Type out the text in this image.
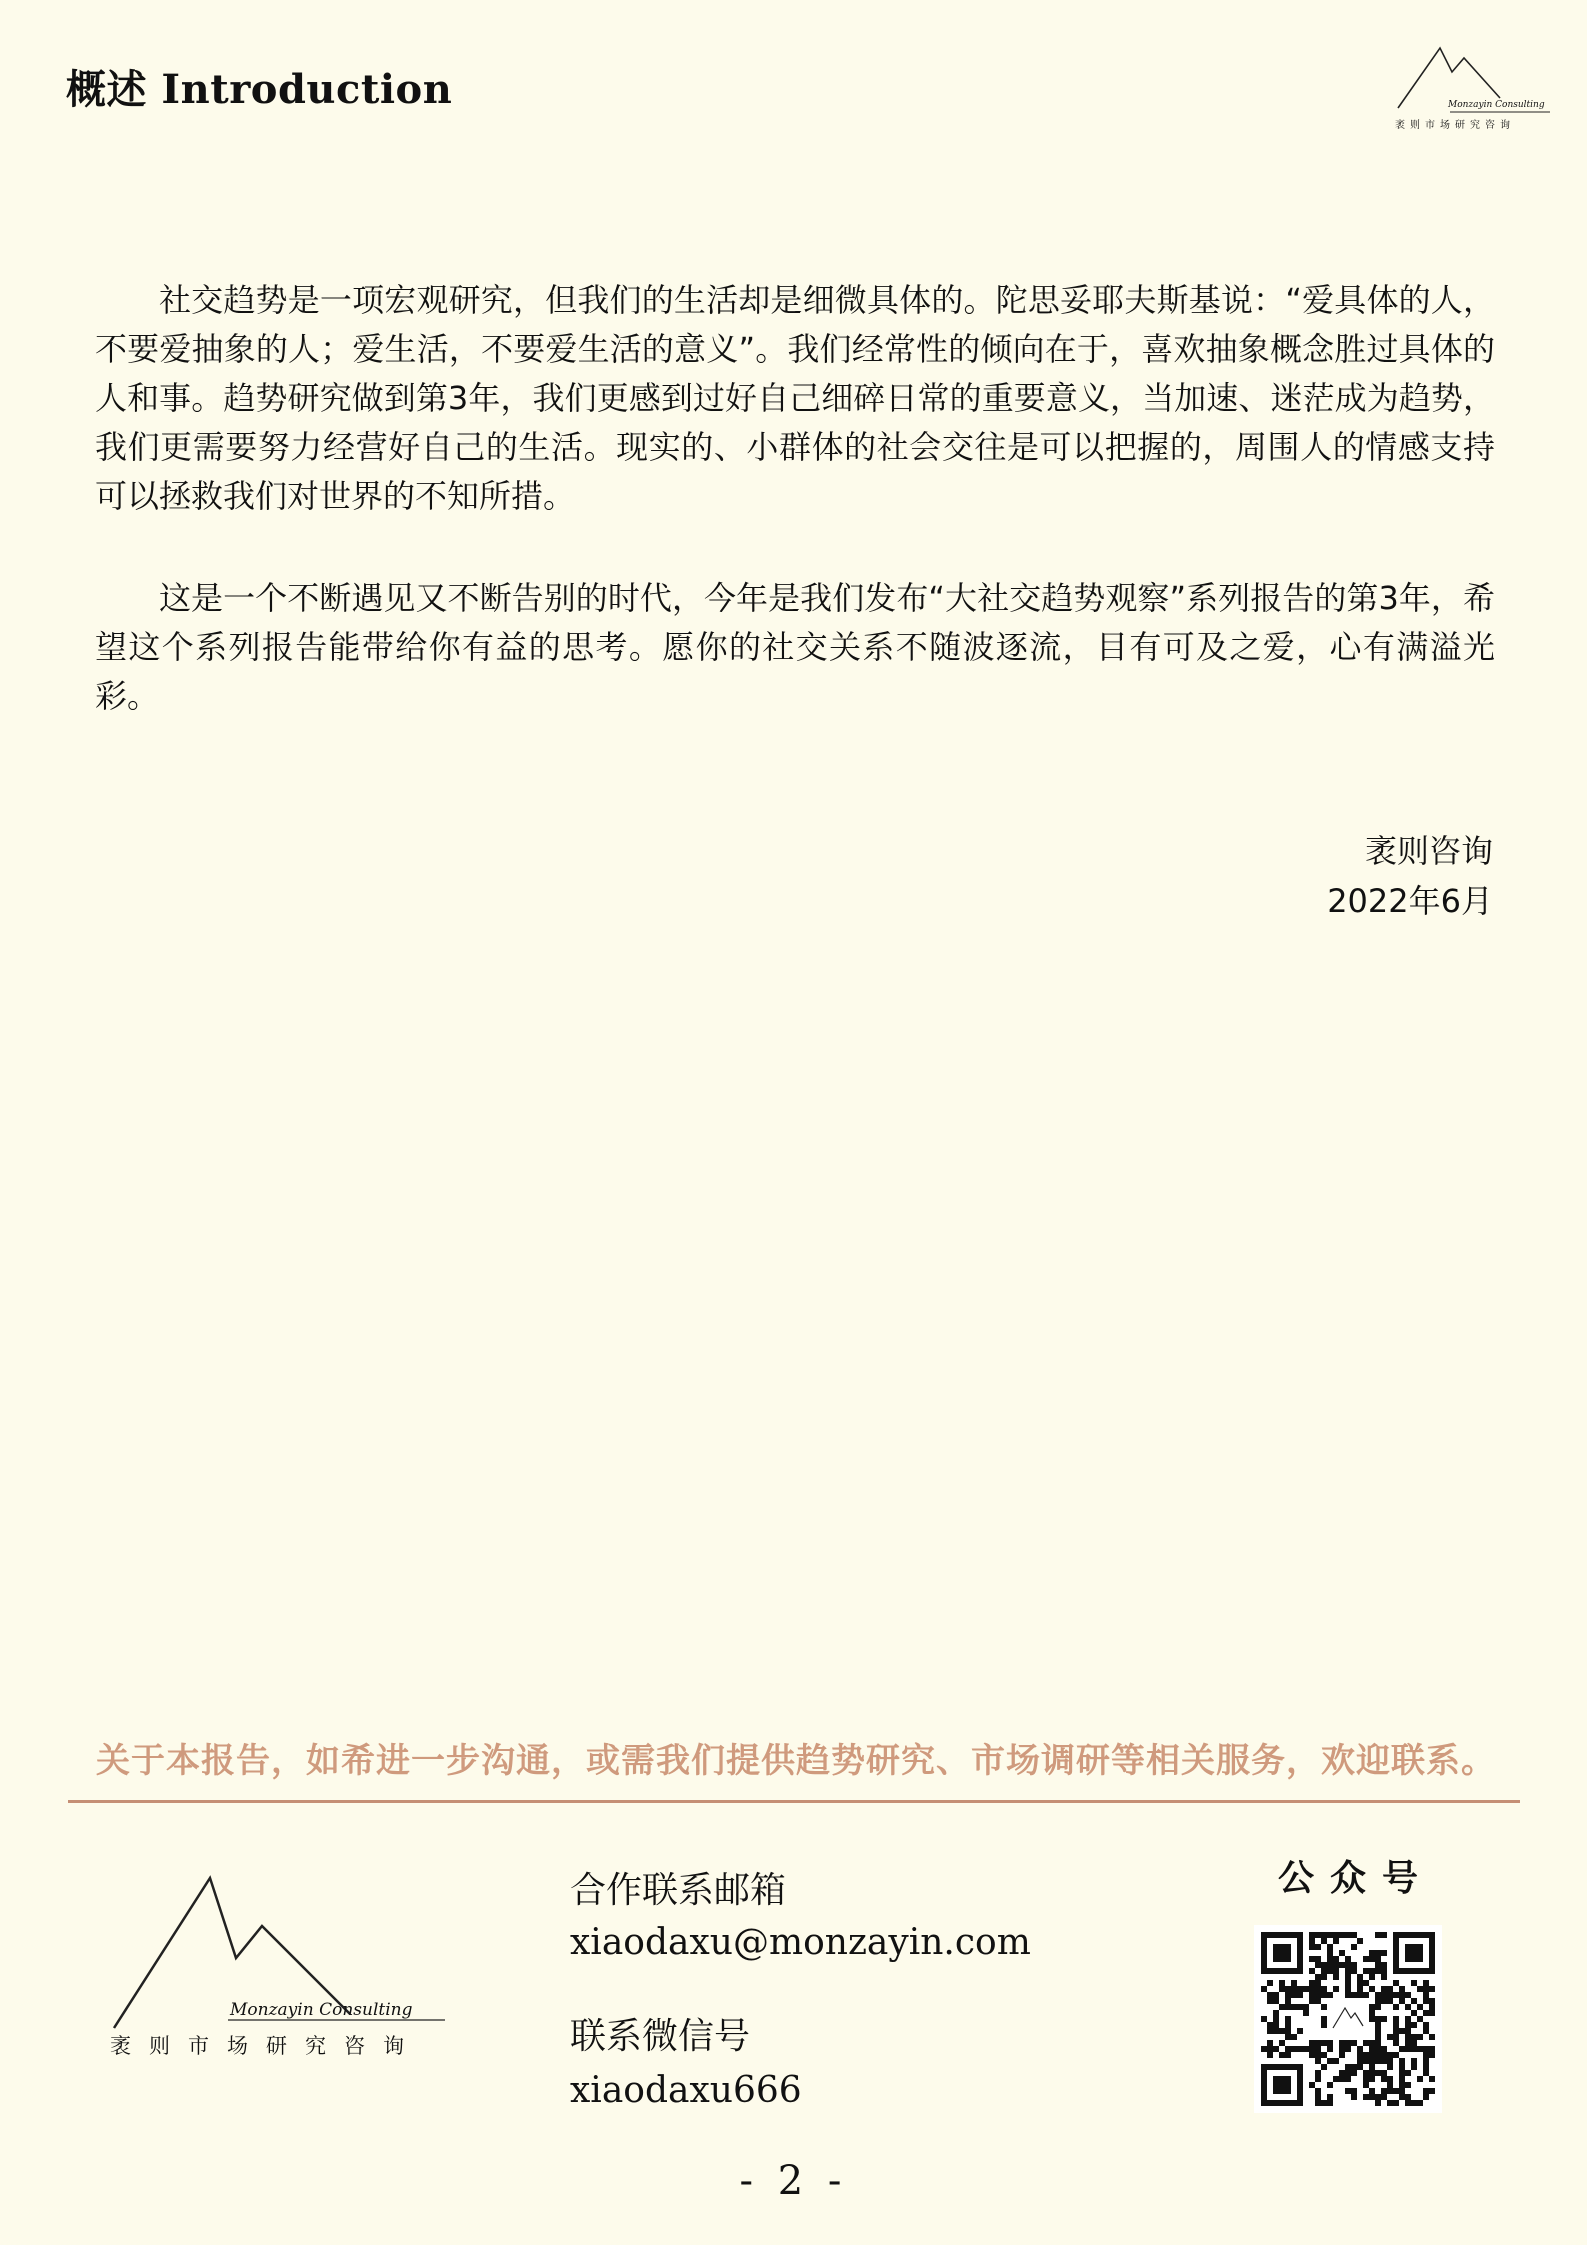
概述 Introduction	Monzayin Consulting
袤则市场研究咨询
社交趋势是一项宏观研究，但我们的生活却是细微具体的。陀思妥耶夫斯基说：“爱具体的人，不要爱抽象的人；爱生活，不要爱生活的意义”。我们经常性的倾向在于，喜欢抽象概念胜过具体的人和事。趋势研究做到第3年，我们更感到过好自己细碎日常的重要意义，当加速、迷茫成为趋势，我们更需要努力经营好自己的生活。现实的、小群体的社会交往是可以把握的，周围人的情感支持可以拯救我们对世界的不知所措。
这是一个不断遇见又不断告别的时代，今年是我们发布“大社交趋势观察”系列报告的第3年，希望这个系列报告能带给你有益的思考。愿你的社交关系不随波逐流，目有可及之爱，心有满溢光彩。
袤则咨询
2022年6月
关于本报告，如希进一步沟通，或需我们提供趋势研究、市场调研等相关服务，欢迎联系。
Monzayin Consulting
袤则市场研究咨询
合作联系邮箱
xiaodaxu@monzayin.com
联系微信号
xiaodaxu666
公众号
- 2 -
